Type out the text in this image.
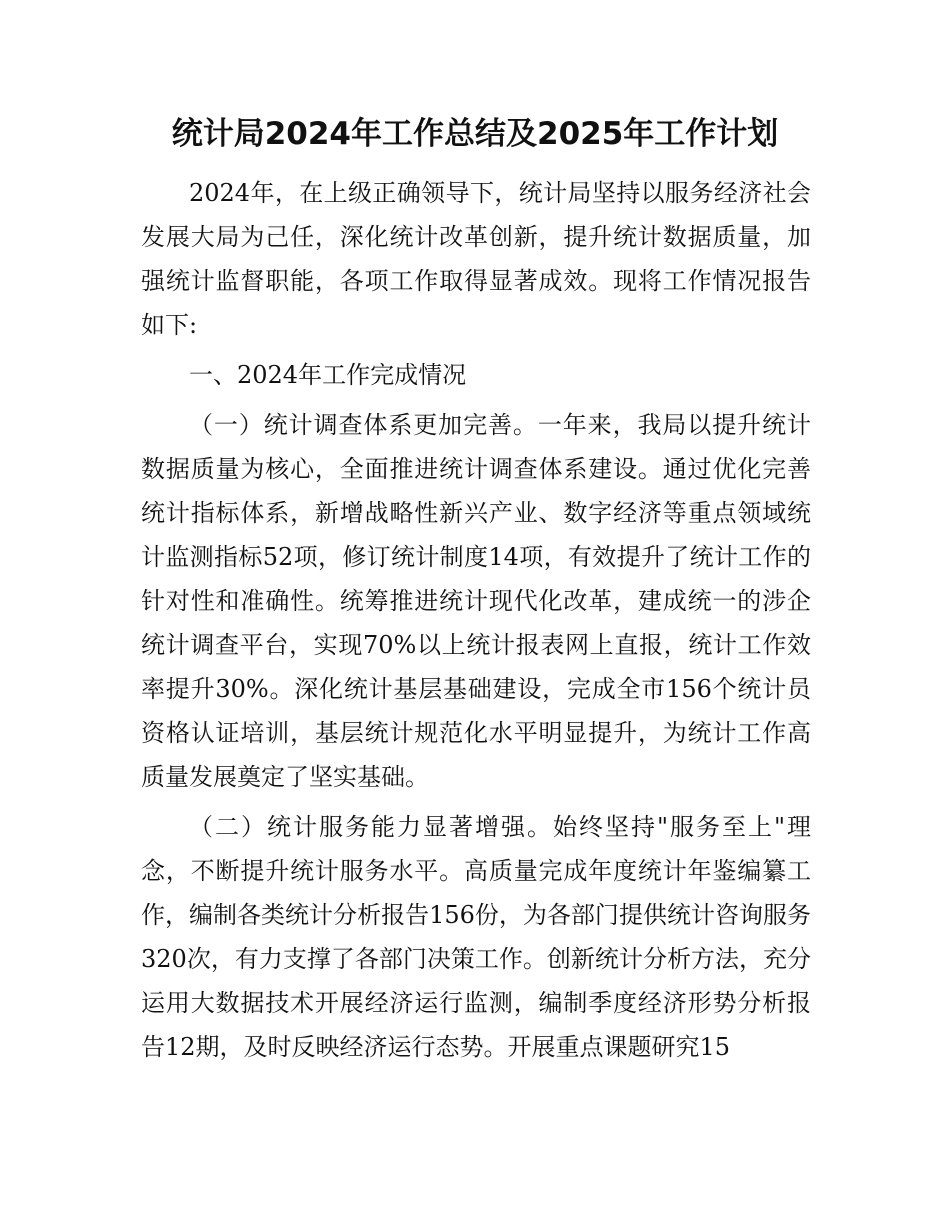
统计局2024年工作总结及2025年工作计划

2024年，在上级正确领导下，统计局坚持以服务经济社会发展大局为己任，深化统计改革创新，提升统计数据质量，加强统计监督职能，各项工作取得显著成效。现将工作情况报告如下:

一、2024年工作完成情况

（一）统计调查体系更加完善。一年来，我局以提升统计数据质量为核心，全面推进统计调查体系建设。通过优化完善统计指标体系，新增战略性新兴产业、数字经济等重点领域统计监测指标52项，修订统计制度14项，有效提升了统计工作的针对性和准确性。统筹推进统计现代化改革，建成统一的涉企统计调查平台，实现70%以上统计报表网上直报，统计工作效率提升30%。深化统计基层基础建设，完成全市156个统计员资格认证培训，基层统计规范化水平明显提升，为统计工作高质量发展奠定了坚实基础。

（二）统计服务能力显著增强。始终坚持"服务至上"理念，不断提升统计服务水平。高质量完成年度统计年鉴编纂工作，编制各类统计分析报告156份，为各部门提供统计咨询服务320次，有力支撑了各部门决策工作。创新统计分析方法，充分运用大数据技术开展经济运行监测，编制季度经济形势分析报告12期，及时反映经济运行态势。开展重点课题研究15
